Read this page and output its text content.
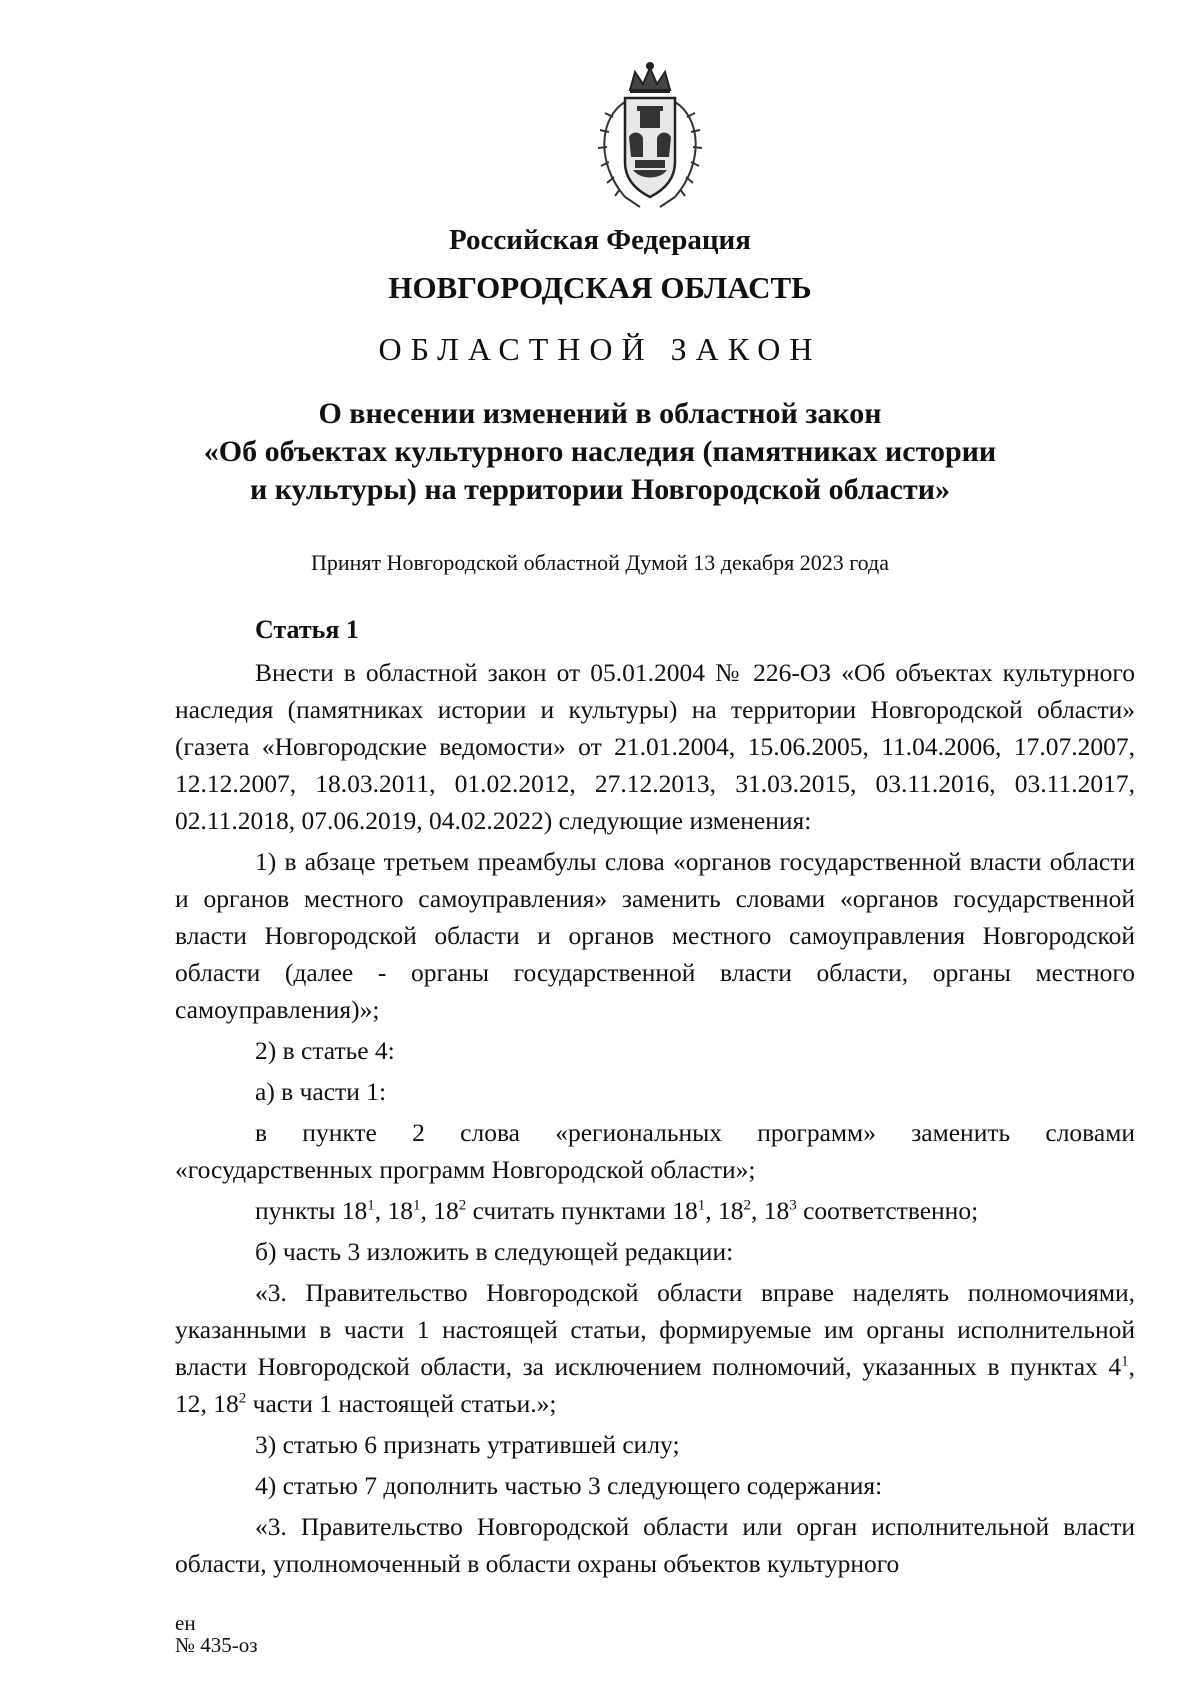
Российская Федерация

НОВГОРОДСКАЯ ОБЛАСТЬ

ОБЛАСТНОЙ ЗАКОН

О внесении изменений в областной закон
«Об объектах культурного наследия (памятниках истории
и культуры) на территории Новгородской области»
Принят Новгородской областной Думой 13 декабря 2023 года

Статья 1

Внести в областной закон от 05.01.2004 № 226-ОЗ «Об объектах культурного наследия (памятниках истории и культуры) на территории Новгородской области» (газета «Новгородские ведомости» от 21.01.2004, 15.06.2005, 11.04.2006, 17.07.2007, 12.12.2007, 18.03.2011, 01.02.2012, 27.12.2013, 31.03.2015, 03.11.2016, 03.11.2017, 02.11.2018, 07.06.2019, 04.02.2022) следующие изменения:

1) в абзаце третьем преамбулы слова «органов государственной власти области и органов местного самоуправления» заменить словами «органов государственной власти Новгородской области и органов местного самоуправления Новгородской области (далее - органы государственной власти области, органы местного самоуправления)»;

2) в статье 4:

а) в части 1:

в пункте 2 слова «региональных программ» заменить словами «государственных программ Новгородской области»;

пункты $18^1$, $18^1$, $18^2$ считать пунктами $18^1$, $18^2$, $18^3$ соответственно;

б) часть 3 изложить в следующей редакции:

«3. Правительство Новгородской области вправе наделять полномочиями, указанными в части 1 настоящей статьи, формируемые им органы исполнительной власти Новгородской области, за исключением полномочий, указанных в пунктах $4^1$, 12, $18^2$ части 1 настоящей статьи.»;

3) статью 6 признать утратившей силу;

4) статью 7 дополнить частью 3 следующего содержания:

«3. Правительство Новгородской области или орган исполнительной власти области, уполномоченный в области охраны объектов культурного

ен
№ 435-оз
